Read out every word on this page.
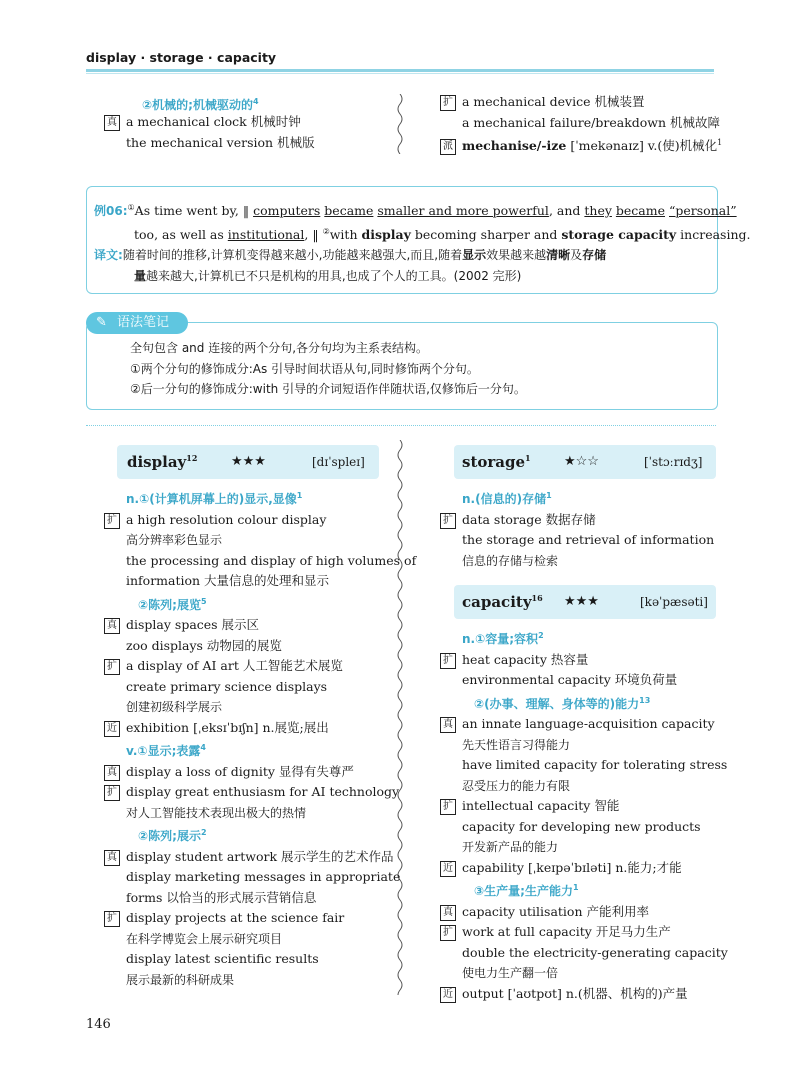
display · storage · capacity
②机械的;机械驱动的$^4$
真 a mechanical clock 机械时钟
the mechanical version 机械版
扩 a mechanical device 机械装置
a mechanical failure/breakdown 机械故障
派 mechanise/-ize [ˈmekənaɪz] v.(使)机械化$^1$
例06:①As time went by, ‖ computers became smaller and more powerful, and they became “personal”
too, as well as institutional, ‖ ②with display becoming sharper and storage capacity increasing.
译文:随着时间的推移,计算机变得越来越小,功能越来越强大,而且,随着显示效果越来越清晰及存储
量越来越大,计算机已不只是机构的用具,也成了个人的工具。(2002 完形)
✎ 语法笔记
全句包含 and 连接的两个分句,各分句均为主系表结构。
①两个分句的修饰成分:As 引导时间状语从句,同时修饰两个分句。
②后一分句的修饰成分:with 引导的介词短语作伴随状语,仅修饰后一分句。
display$^{12}$	★★★	[dɪˈspleɪ]
n.①(计算机屏幕上的)显示,显像$^1$
扩 a high resolution colour display
高分辨率彩色显示
the processing and display of high volumes of
information 大量信息的处理和显示
②陈列;展览$^5$
真 display spaces 展示区
zoo displays 动物园的展览
扩 a display of AI art 人工智能艺术展览
create primary science displays
创建初级科学展示
近 exhibition [ˌeksɪˈbɪʃn] n.展览;展出
v.①显示;表露$^4$
真 display a loss of dignity 显得有失尊严
扩 display great enthusiasm for AI technology
对人工智能技术表现出极大的热情
②陈列;展示$^2$
真 display student artwork 展示学生的艺术作品
display marketing messages in appropriate
forms 以恰当的形式展示营销信息
扩 display projects at the science fair
在科学博览会上展示研究项目
display latest scientific results
展示最新的科研成果
storage$^1$	★☆☆	[ˈstɔːrɪdʒ]
n.(信息的)存储$^1$
扩 data storage 数据存储
the storage and retrieval of information
信息的存储与检索
capacity$^{16}$ ★★★	[kəˈpæsəti]
n.①容量;容积$^2$
扩 heat capacity 热容量
environmental capacity 环境负荷量
②(办事、理解、身体等的)能力$^{13}$
真 an innate language-acquisition capacity
先天性语言习得能力
have limited capacity for tolerating stress
忍受压力的能力有限
扩 intellectual capacity 智能
capacity for developing new products
开发新产品的能力
近 capability [ˌkeɪpəˈbɪləti] n.能力;才能
③生产量;生产能力$^1$
真 capacity utilisation 产能利用率
扩 work at full capacity 开足马力生产
double the electricity-generating capacity
使电力生产翻一倍
近 output [ˈaʊtpʊt] n.(机器、机构的)产量
146
